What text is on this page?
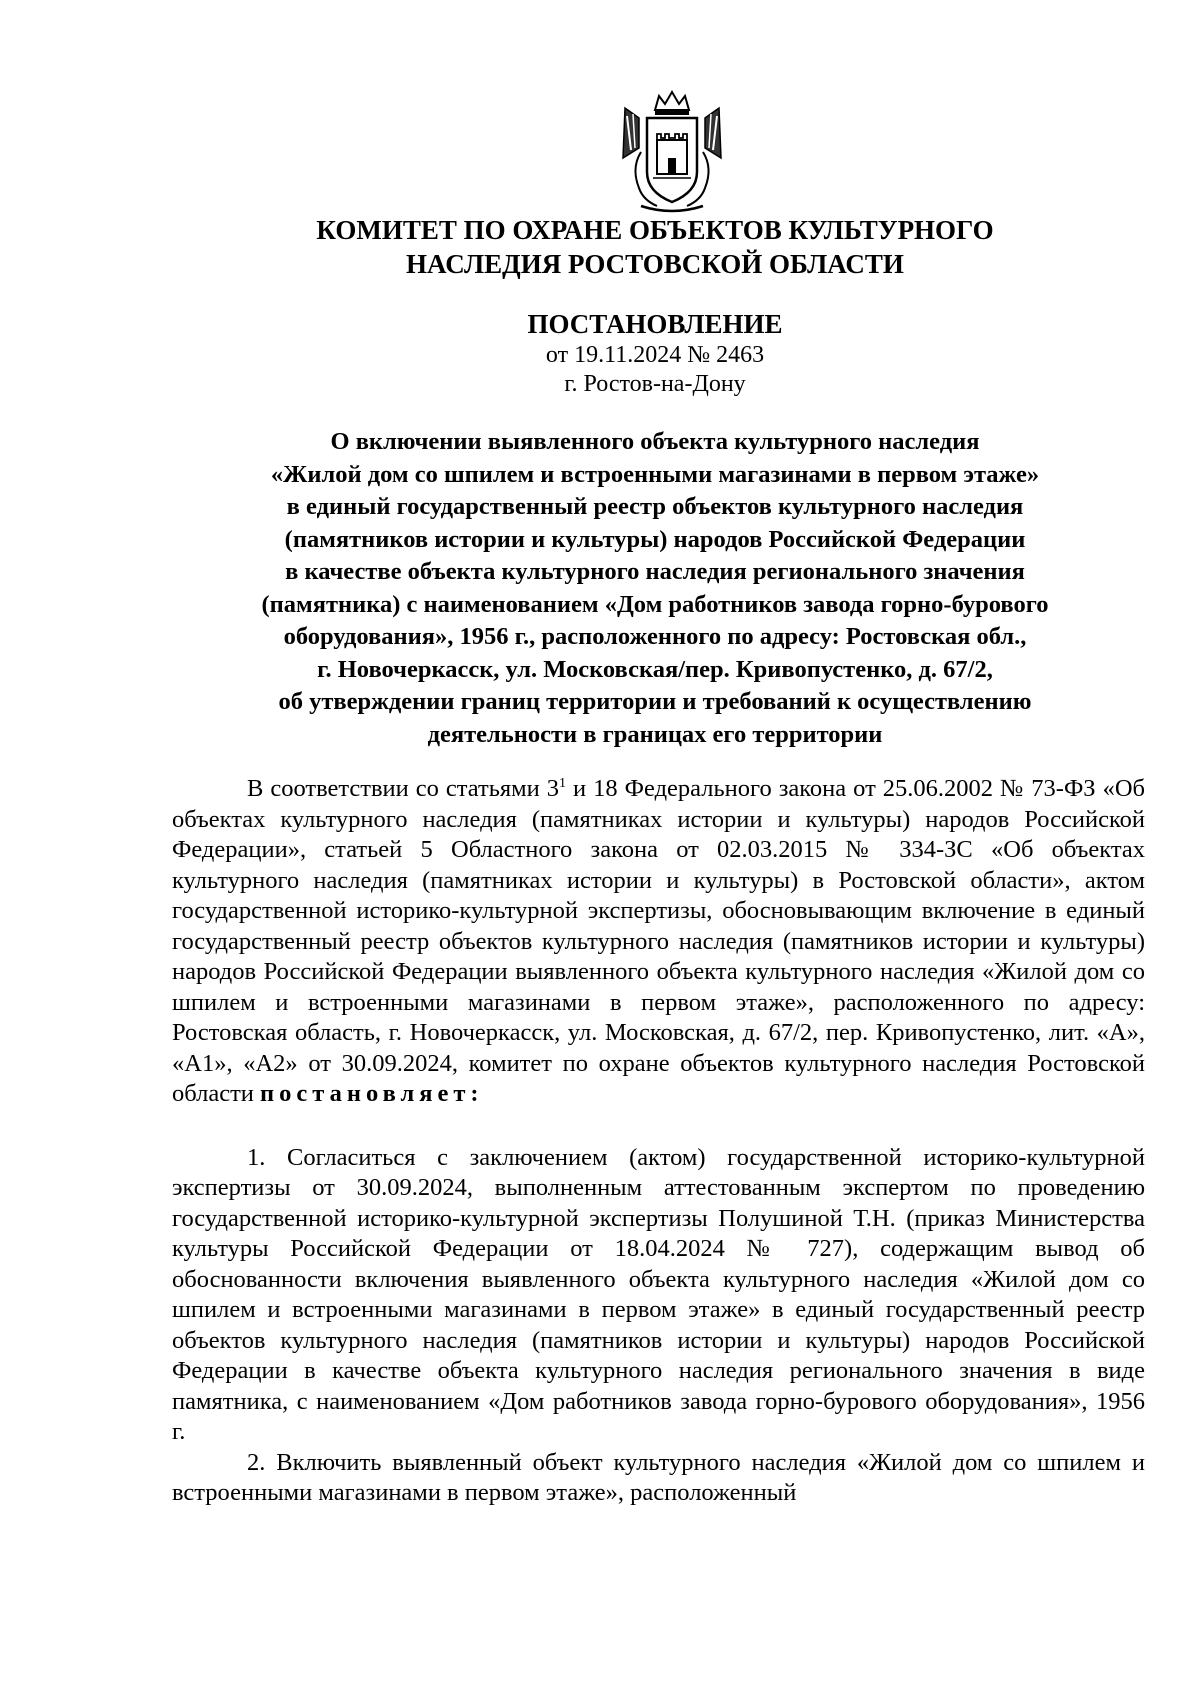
КОМИТЕТ ПО ОХРАНЕ ОБЪЕКТОВ КУЛЬТУРНОГО
НАСЛЕДИЯ РОСТОВСКОЙ ОБЛАСТИ
ПОСТАНОВЛЕНИЕ
от 19.11.2024 № 2463
г. Ростов-на-Дону
О включении выявленного объекта культурного наследия
«Жилой дом со шпилем и встроенными магазинами в первом этаже»
в единый государственный реестр объектов культурного наследия
(памятников истории и культуры) народов Российской Федерации
в качестве объекта культурного наследия регионального значения
(памятника) с наименованием «Дом работников завода горно-бурового
оборудования», 1956 г., расположенного по адресу: Ростовская обл.,
г. Новочеркасск, ул. Московская/пер. Кривопустенко, д. 67/2,
об утверждении границ территории и требований к осуществлению
деятельности в границах его территории

В соответствии со статьями $3^1$ и 18 Федерального закона от 25.06.2002 № 73-ФЗ «Об объектах культурного наследия (памятниках истории и культуры) народов Российской Федерации», статьей 5 Областного закона от 02.03.2015 № 334-ЗС «Об объектах культурного наследия (памятниках истории и культуры) в Ростовской области», актом государственной историко-культурной экспертизы, обосновывающим включение в единый государственный реестр объектов культурного наследия (памятников истории и культуры) народов Российской Федерации выявленного объекта культурного наследия «Жилой дом со шпилем и встроенными магазинами в первом этаже», расположенного по адресу: Ростовская область, г. Новочеркасск, ул. Московская, д. 67/2, пер. Кривопустенко, лит. «А», «А1», «А2» от 30.09.2024, комитет по охране объектов культурного наследия Ростовской области постановляет:

1. Согласиться с заключением (актом) государственной историко-культурной экспертизы от 30.09.2024, выполненным аттестованным экспертом по проведению государственной историко-культурной экспертизы Полушиной Т.Н. (приказ Министерства культуры Российской Федерации от 18.04.2024 № 727), содержащим вывод об обоснованности включения выявленного объекта культурного наследия «Жилой дом со шпилем и встроенными магазинами в первом этаже» в единый государственный реестр объектов культурного наследия (памятников истории и культуры) народов Российской Федерации в качестве объекта культурного наследия регионального значения в виде памятника, с наименованием «Дом работников завода горно-бурового оборудования», 1956 г.

2. Включить выявленный объект культурного наследия «Жилой дом со шпилем и встроенными магазинами в первом этаже», расположенный
